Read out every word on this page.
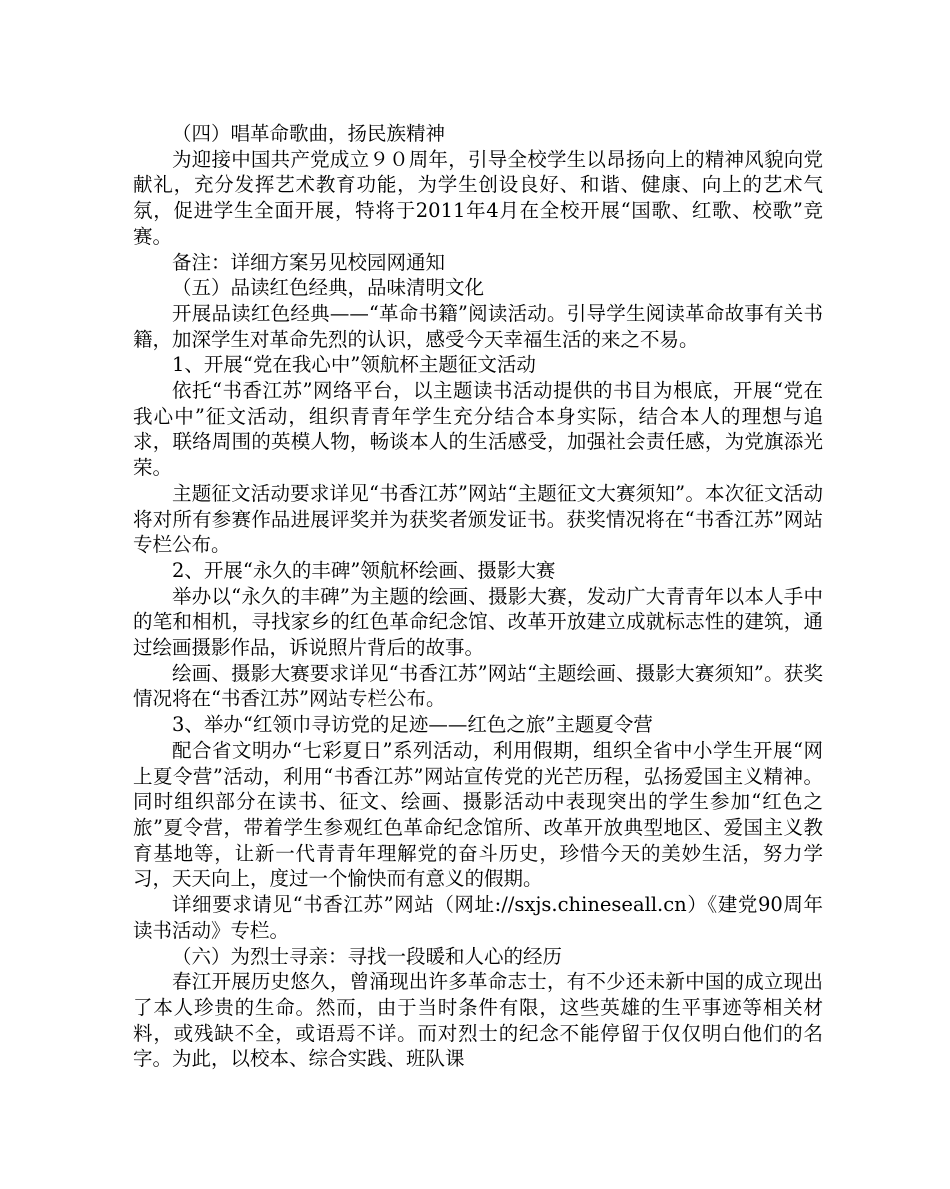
（四）唱革命歌曲，扬民族精神

为迎接中国共产党成立９０周年，引导全校学生以昂扬向上的精神风貌向党献礼，充分发挥艺术教育功能，为学生创设良好、和谐、健康、向上的艺术气氛，促进学生全面开展，特将于2011年4月在全校开展“国歌、红歌、校歌”竞赛。

备注：详细方案另见校园网通知

（五）品读红色经典，品味清明文化

开展品读红色经典——“革命书籍”阅读活动。引导学生阅读革命故事有关书籍，加深学生对革命先烈的认识，感受今天幸福生活的来之不易。

1、开展“党在我心中”领航杯主题征文活动

依托“书香江苏”网络平台，以主题读书活动提供的书目为根底，开展“党在我心中”征文活动，组织青青年学生充分结合本身实际，结合本人的理想与追求，联络周围的英模人物，畅谈本人的生活感受，加强社会责任感，为党旗添光荣。

主题征文活动要求详见“书香江苏”网站“主题征文大赛须知”。本次征文活动将对所有参赛作品进展评奖并为获奖者颁发证书。获奖情况将在“书香江苏”网站专栏公布。

2、开展“永久的丰碑”领航杯绘画、摄影大赛

举办以“永久的丰碑”为主题的绘画、摄影大赛，发动广大青青年以本人手中的笔和相机，寻找家乡的红色革命纪念馆、改革开放建立成就标志性的建筑，通过绘画摄影作品，诉说照片背后的故事。

绘画、摄影大赛要求详见“书香江苏”网站“主题绘画、摄影大赛须知”。获奖情况将在“书香江苏”网站专栏公布。

3、举办“红领巾寻访党的足迹——红色之旅”主题夏令营

配合省文明办“七彩夏日”系列活动，利用假期，组织全省中小学生开展“网上夏令营”活动，利用“书香江苏”网站宣传党的光芒历程，弘扬爱国主义精神。同时组织部分在读书、征文、绘画、摄影活动中表现突出的学生参加“红色之旅”夏令营，带着学生参观红色革命纪念馆所、改革开放典型地区、爱国主义教育基地等，让新一代青青年理解党的奋斗历史，珍惜今天的美妙生活，努力学习，天天向上，度过一个愉快而有意义的假期。

详细要求请见“书香江苏”网站（网址://sxjs.chineseall.cn）《建党90周年读书活动》专栏。

（六）为烈士寻亲：寻找一段暖和人心的经历

春江开展历史悠久，曾涌现出许多革命志士，有不少还未新中国的成立现出了本人珍贵的生命。然而，由于当时条件有限，这些英雄的生平事迹等相关材料，或残缺不全，或语焉不详。而对烈士的纪念不能停留于仅仅明白他们的名字。为此，以校本、综合实践、班队课
